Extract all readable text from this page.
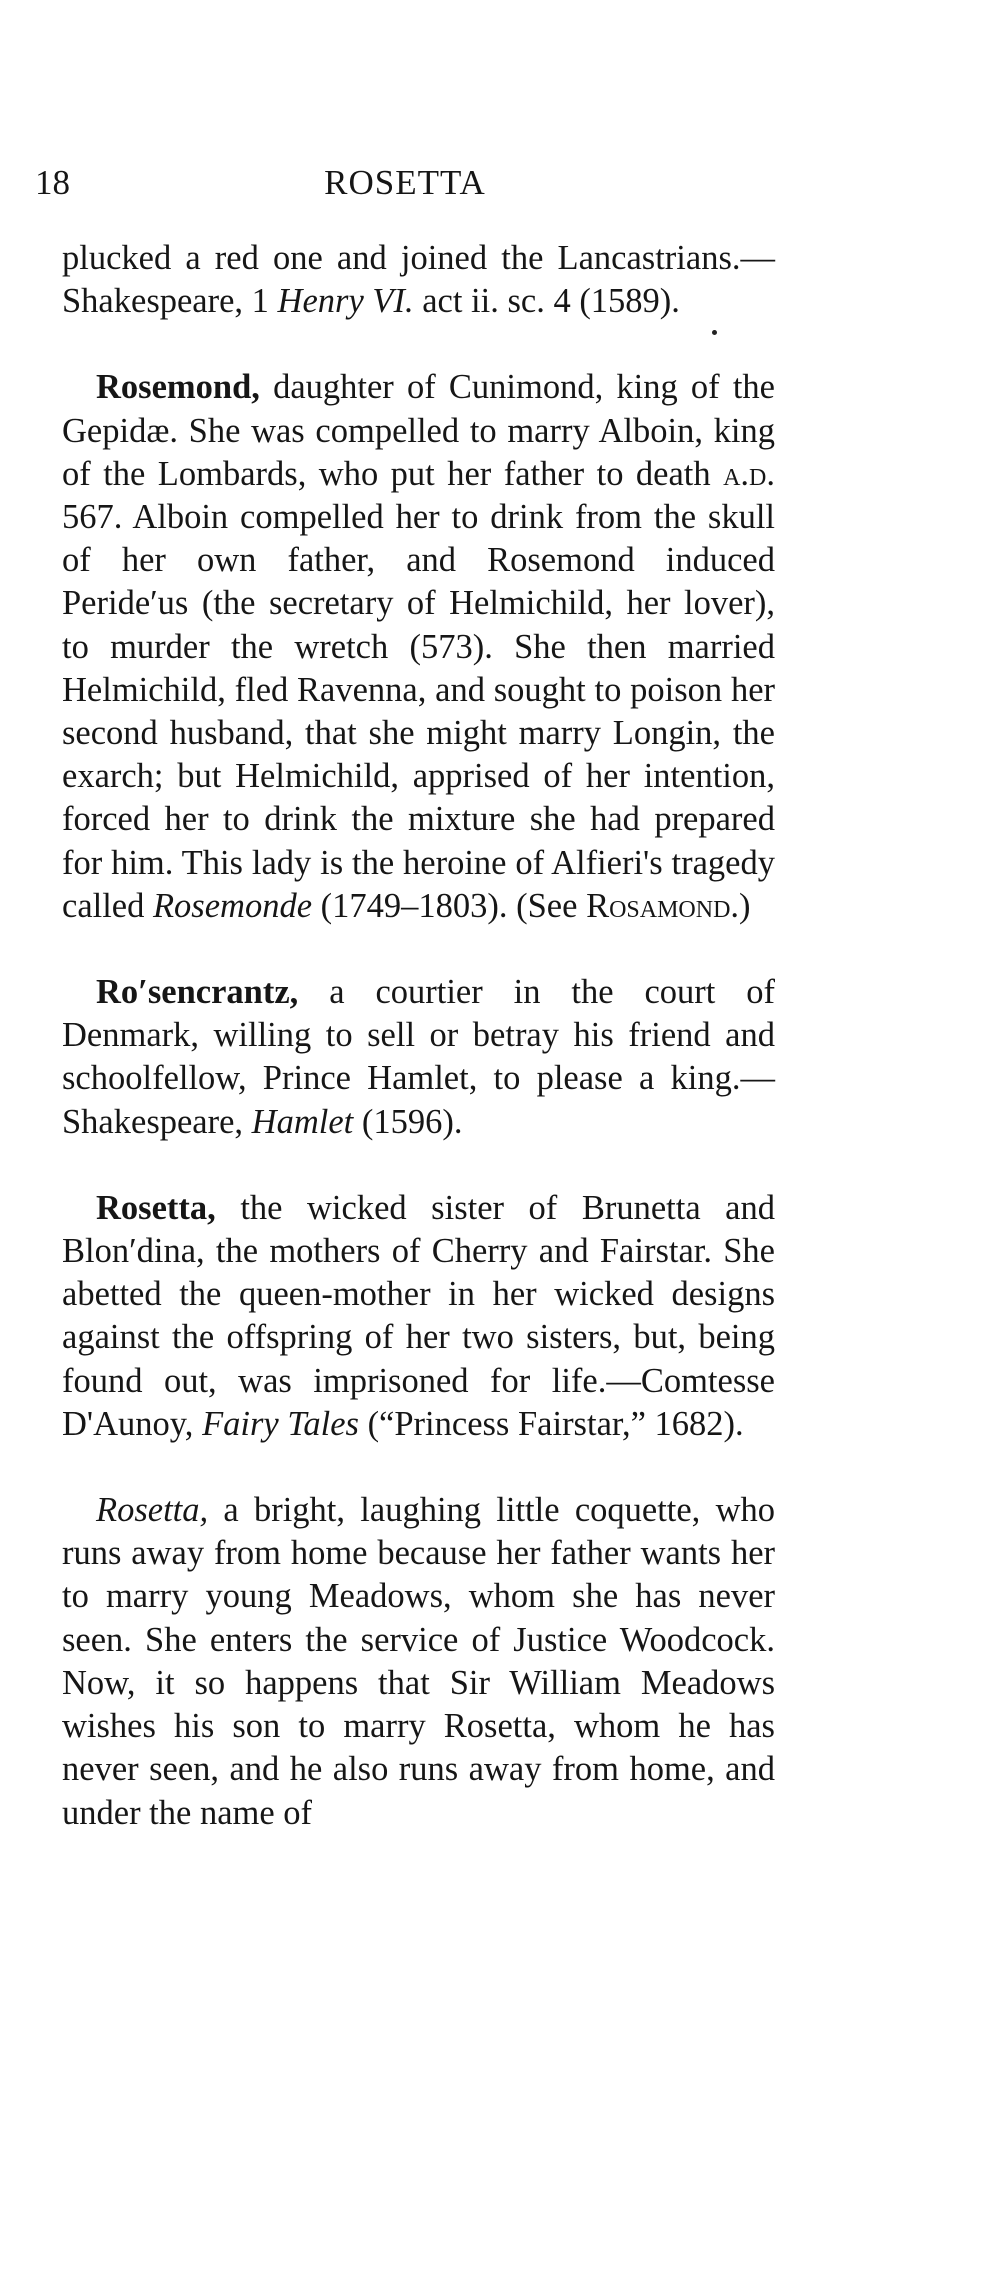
18	ROSETTA

plucked a red one and joined the Lancastrians.—Shakespeare, 1 Henry VI. act ii. sc. 4 (1589).

Rosemond, daughter of Cunimond, king of the Gepidæ. She was compelled to marry Alboin, king of the Lombards, who put her father to death a.d. 567. Alboin compelled her to drink from the skull of her own father, and Rosemond induced Peride′us (the secretary of Helmichild, her lover), to murder the wretch (573). She then married Helmichild, fled Ravenna, and sought to poison her second husband, that she might marry Longin, the exarch; but Helmichild, apprised of her intention, forced her to drink the mixture she had prepared for him. This lady is the heroine of Alfieri's tragedy called Rosemonde (1749–1803). (See Rosamond.)

Ro′sencrantz, a courtier in the court of Denmark, willing to sell or betray his friend and schoolfellow, Prince Hamlet, to please a king.—Shakespeare, Hamlet (1596).

Rosetta, the wicked sister of Brunetta and Blon′dina, the mothers of Cherry and Fairstar. She abetted the queen-mother in her wicked designs against the offspring of her two sisters, but, being found out, was imprisoned for life.—Comtesse D'Aunoy, Fairy Tales (“Princess Fairstar,” 1682).

Rosetta, a bright, laughing little coquette, who runs away from home because her father wants her to marry young Meadows, whom she has never seen. She enters the service of Justice Woodcock. Now, it so happens that Sir William Meadows wishes his son to marry Rosetta, whom he has never seen, and he also runs away from home, and under the name of
